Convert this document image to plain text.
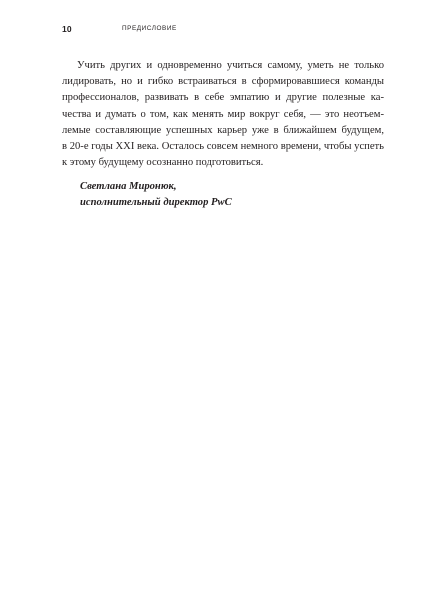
10	ПРЕДИСЛОВИЕ

Учить других и одновременно учиться самому, уметь не только
лидировать, но и гибко встраиваться в сформировавшиеся команды
профессионалов, развивать в себе эмпатию и другие полезные ка-
чества и думать о том, как менять мир вокруг себя, — это неотъем-
лемые составляющие успешных карьер уже в ближайшем будущем,
в 20-е годы XXI века. Осталось совсем немного времени, чтобы успеть
к этому будущему осознанно подготовиться.

Светлана Миронюк,
исполнительный директор PwC
